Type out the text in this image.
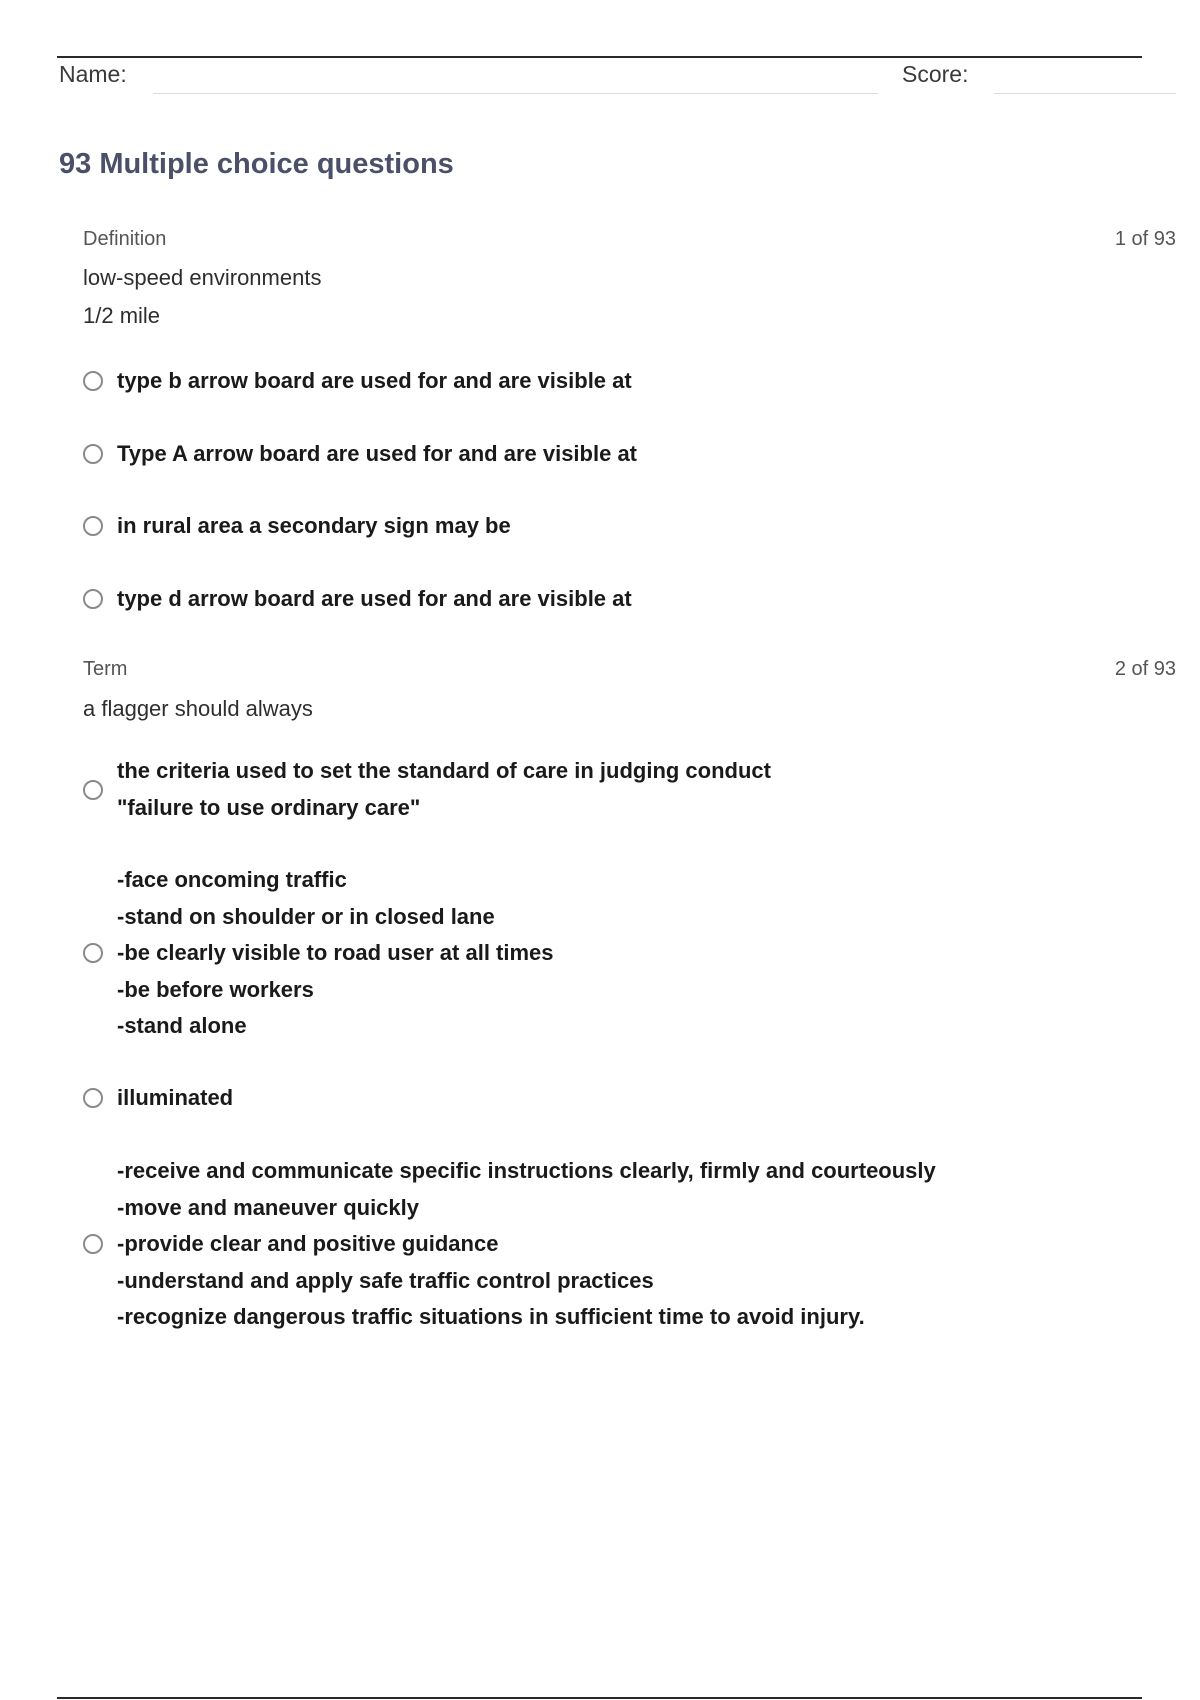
Name:	Score:
93 Multiple choice questions
Definition	1 of 93
low-speed environments
1/2 mile
type b arrow board are used for and are visible at
Type A arrow board are used for and are visible at
in rural area a secondary sign may be
type d arrow board are used for and are visible at
Term	2 of 93
a flagger should always
the criteria used to set the standard of care in judging conduct
"failure to use ordinary care"
-face oncoming traffic
-stand on shoulder or in closed lane
-be clearly visible to road user at all times
-be before workers
-stand alone
illuminated
-receive and communicate specific instructions clearly, firmly and courteously
-move and maneuver quickly
-provide clear and positive guidance
-understand and apply safe traffic control practices
-recognize dangerous traffic situations in sufficient time to avoid injury.
